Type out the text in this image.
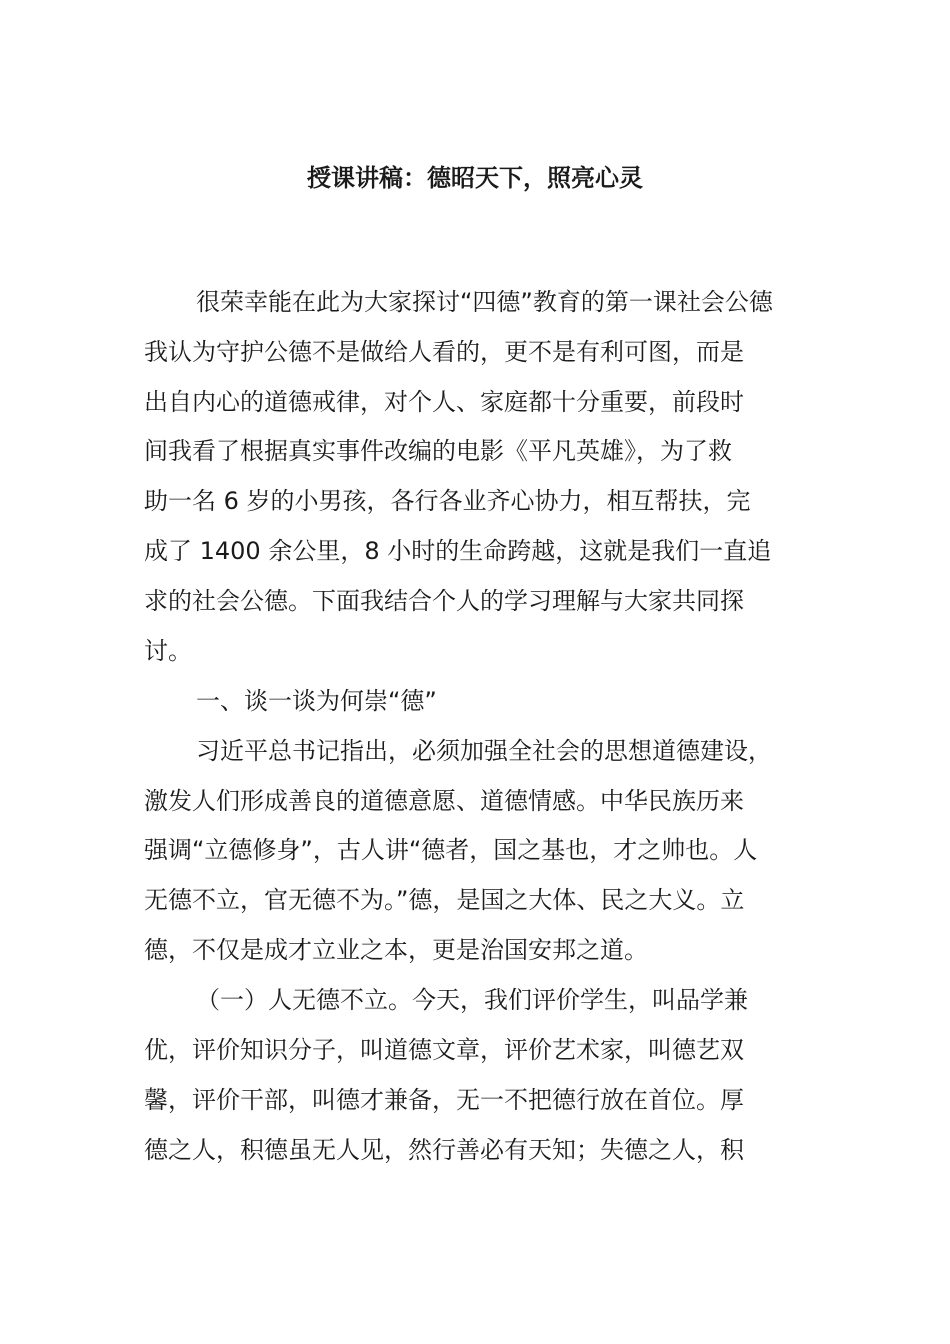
授课讲稿：德昭天下，照亮心灵

很荣幸能在此为大家探讨“四德”教育的第一课社会公德

我认为守护公德不是做给人看的，更不是有利可图，而是

出自内心的道德戒律，对个人、家庭都十分重要，前段时

间我看了根据真实事件改编的电影《平凡英雄》，为了救

助一名 6 岁的小男孩，各行各业齐心协力，相互帮扶，完

成了 1400 余公里，8 小时的生命跨越，这就是我们一直追

求的社会公德。下面我结合个人的学习理解与大家共同探

讨。

一、谈一谈为何崇“德”

习近平总书记指出，必须加强全社会的思想道德建设，

激发人们形成善良的道德意愿、道德情感。中华民族历来

强调“立德修身”，古人讲“德者，国之基也，才之帅也。人

无德不立，官无德不为。”德，是国之大体、民之大义。立

德，不仅是成才立业之本，更是治国安邦之道。

（一）人无德不立。今天，我们评价学生，叫品学兼

优，评价知识分子，叫道德文章，评价艺术家，叫德艺双

馨，评价干部，叫德才兼备，无一不把德行放在首位。厚

德之人，积德虽无人见，然行善必有天知；失德之人，积
